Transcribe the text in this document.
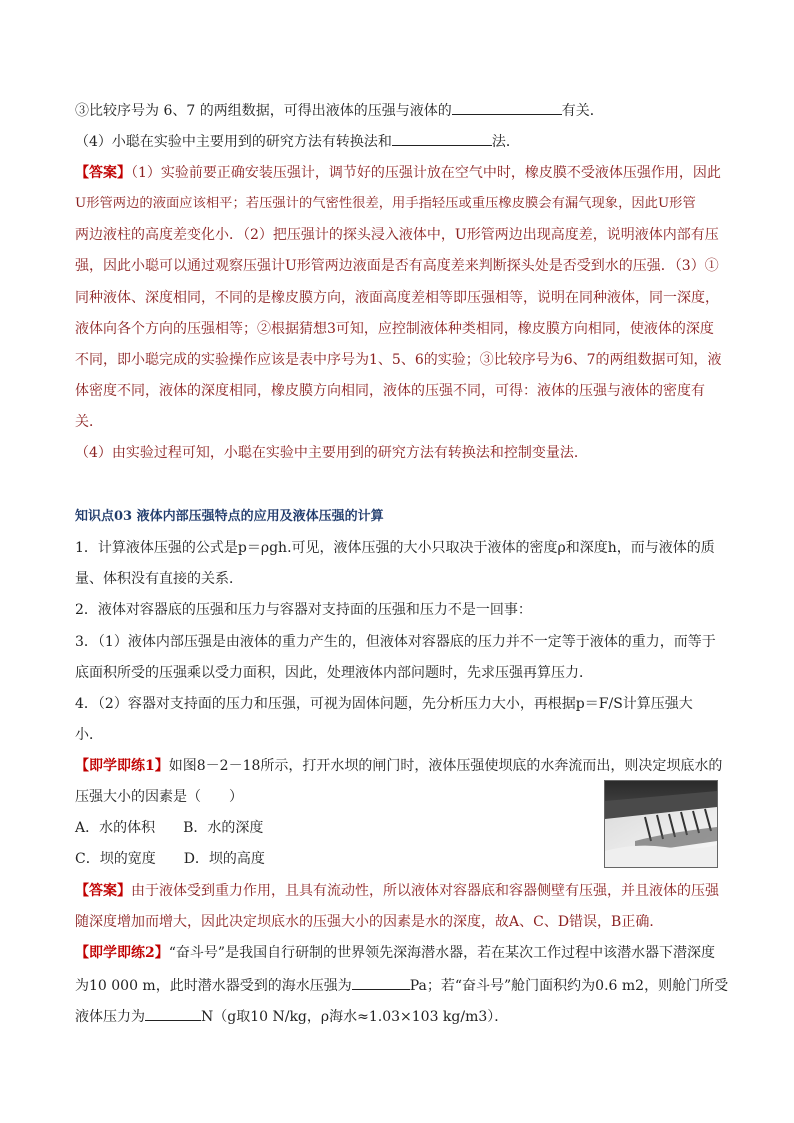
③比较序号为 6、7 的两组数据，可得出液体的压强与液体的	有关．
（4）小聪在实验中主要用到的研究方法有转换法和	法．
【答案】（1）实验前要正确安装压强计，调节好的压强计放在空气中时，橡皮膜不受液体压强作用，因此
U形管两边的液面应该相平；若压强计的气密性很差，用手指轻压或重压橡皮膜会有漏气现象，因此U形管
两边液柱的高度差变化小．（2）把压强计的探头浸入液体中，U形管两边出现高度差，说明液体内部有压
强，因此小聪可以通过观察压强计U形管两边液面是否有高度差来判断探头处是否受到水的压强．（3）①
同种液体、深度相同，不同的是橡皮膜方向，液面高度差相等即压强相等，说明在同种液体，同一深度，
液体向各个方向的压强相等；②根据猜想3可知，应控制液体种类相同，橡皮膜方向相同，使液体的深度
不同，即小聪完成的实验操作应该是表中序号为1、5、6的实验；③比较序号为6、7的两组数据可知，液
体密度不同，液体的深度相同，橡皮膜方向相同，液体的压强不同，可得：液体的压强与液体的密度有
关．
（4）由实验过程可知，小聪在实验中主要用到的研究方法有转换法和控制变量法．
知识点03 液体内部压强特点的应用及液体压强的计算
1．计算液体压强的公式是p＝ρgh.可见，液体压强的大小只取决于液体的密度ρ和深度h，而与液体的质
量、体积没有直接的关系．
2．液体对容器底的压强和压力与容器对支持面的压强和压力不是一回事：
3．（1）液体内部压强是由液体的重力产生的，但液体对容器底的压力并不一定等于液体的重力，而等于
底面积所受的压强乘以受力面积，因此，处理液体内部问题时，先求压强再算压力．
4．（2）容器对支持面的压力和压强，可视为固体问题，先分析压力大小，再根据p＝F/S计算压强大
小．
【即学即练1】如图8－2－18所示，打开水坝的闸门时，液体压强使坝底的水奔流而出，则决定坝底水的
压强大小的因素是（　　）
A．水的体积　　B．水的深度
C．坝的宽度　　D．坝的高度
【答案】由于液体受到重力作用，且具有流动性，所以液体对容器底和容器侧壁有压强，并且液体的压强
随深度增加而增大，因此决定坝底水的压强大小的因素是水的深度，故A、C、D错误，B正确．
【即学即练2】“奋斗号”是我国自行研制的世界领先深海潜水器，若在某次工作过程中该潜水器下潜深度
为10 000 m，此时潜水器受到的海水压强为	Pa；若“奋斗号”舱门面积约为0.6 m2，则舱门所受
液体压力为	N（g取10 N/kg，ρ海水≈1.03×103 kg/m3）．
